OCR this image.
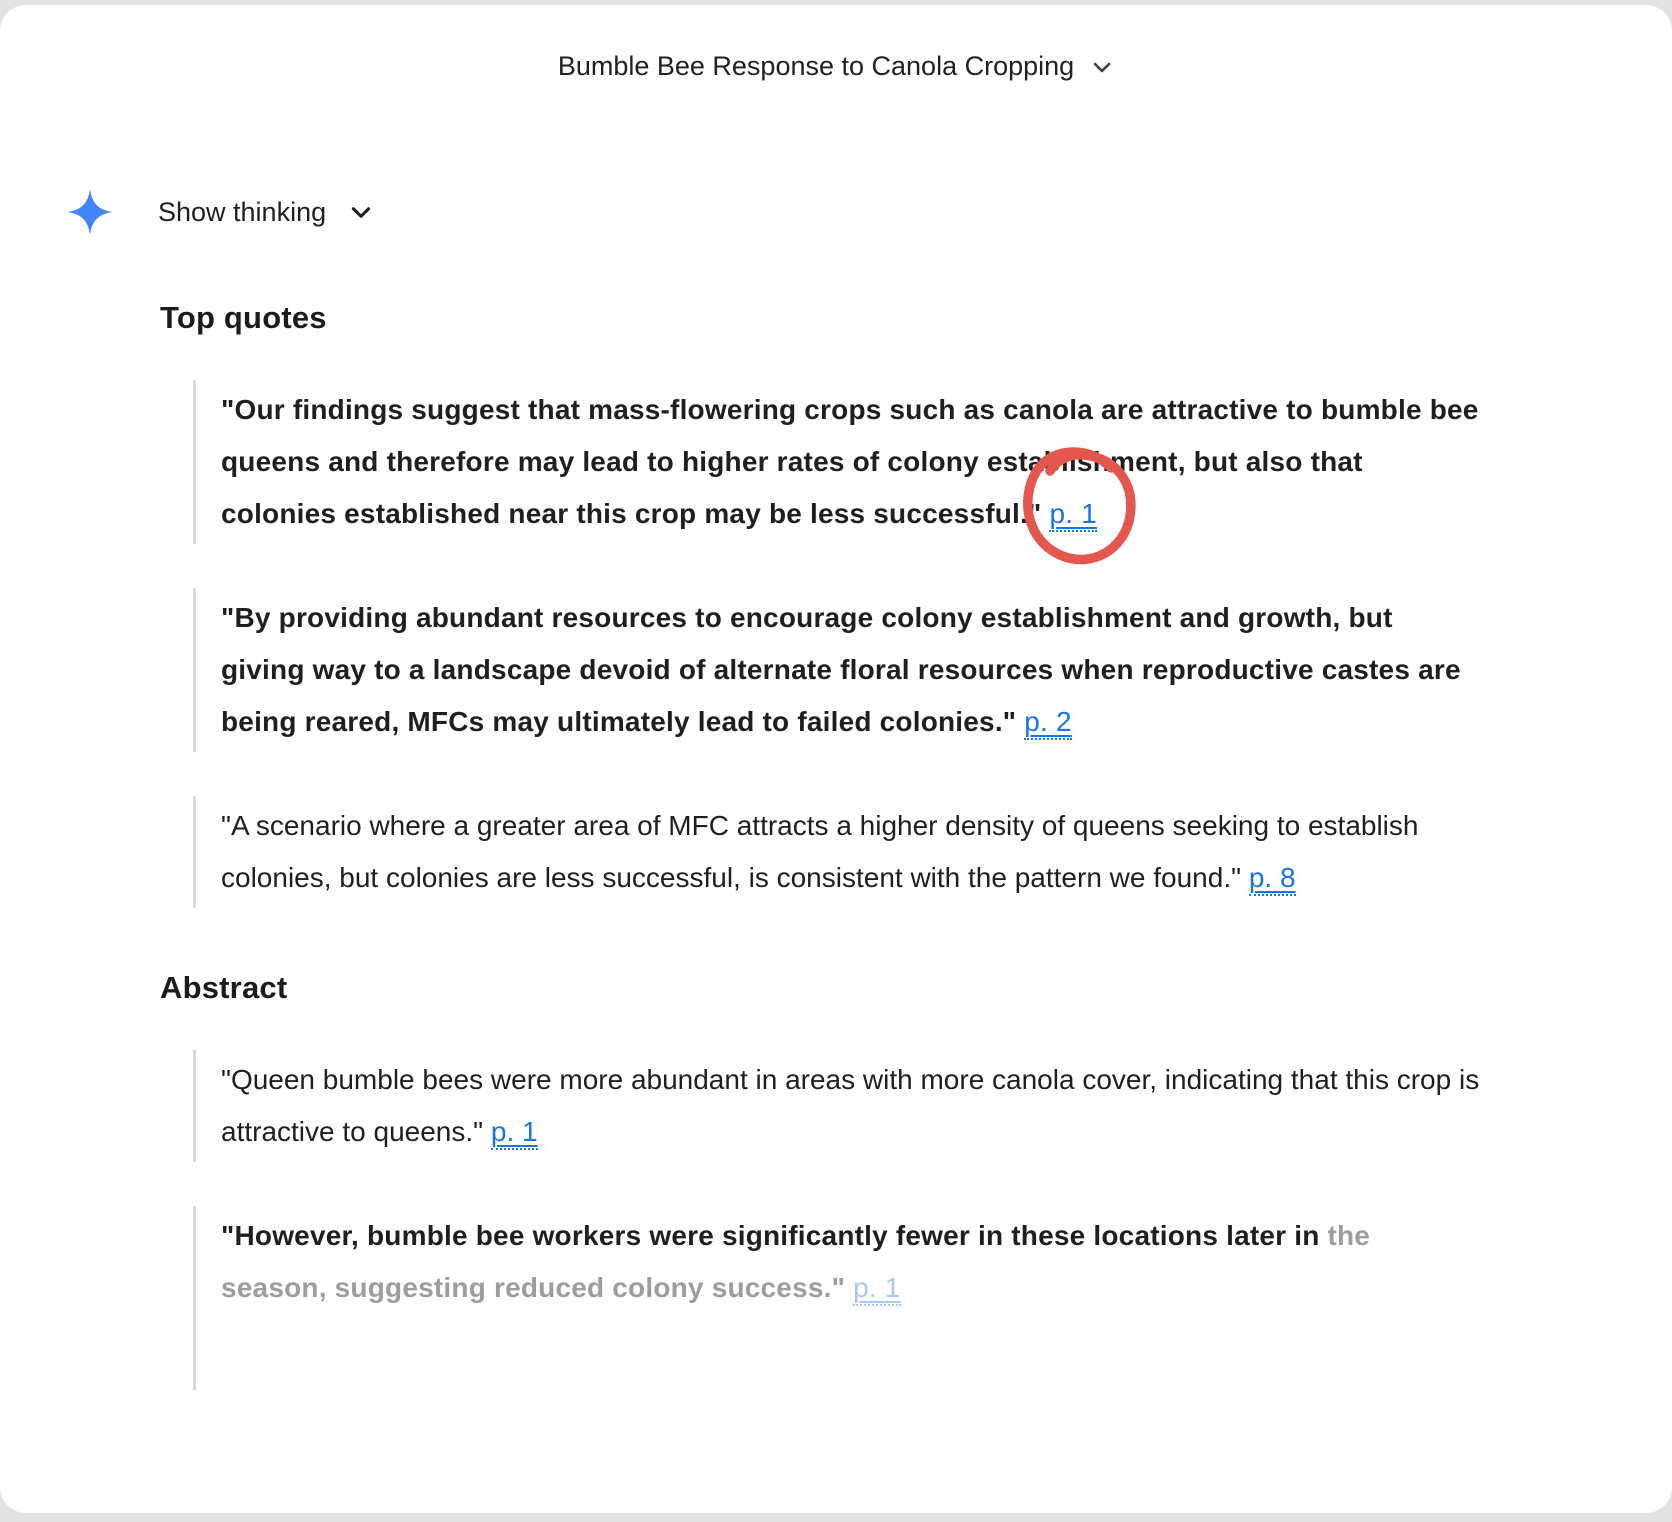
Bumble Bee Response to Canola Cropping
Show thinking
Top quotes
"Our findings suggest that mass-flowering crops such as canola are attractive to bumble bee queens and therefore may lead to higher rates of colony establishment, but also that colonies established near this crop may be less successful." p. 1
"By providing abundant resources to encourage colony establishment and growth, but giving way to a landscape devoid of alternate floral resources when reproductive castes are being reared, MFCs may ultimately lead to failed colonies." p. 2
"A scenario where a greater area of MFC attracts a higher density of queens seeking to establish colonies, but colonies are less successful, is consistent with the pattern we found." p. 8
Abstract
"Queen bumble bees were more abundant in areas with more canola cover, indicating that this crop is attractive to queens." p. 1
"However, bumble bee workers were significantly fewer in these locations later in the season, suggesting reduced colony success." p. 1
